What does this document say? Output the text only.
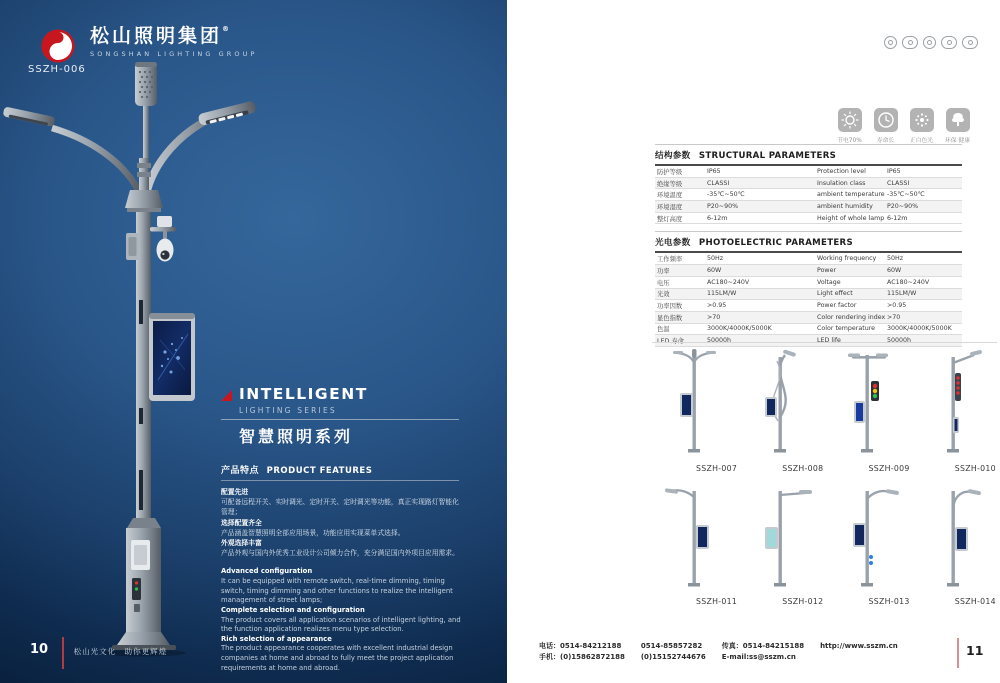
松山照明集团®
SONGSHAN LIGHTING GROUP
SSZH-006
INTELLIGENT
LIGHTING SERIES
智慧照明系列
产品特点 PRODUCT FEATURES

配置先进

可配备远程开关、实时调光、定时开关、定时调光等功能，真正实现路灯智能化管理；

选择配置齐全

产品涵盖智慧照明全部应用场景，功能应用实现菜单式选择。

外观选择丰富

产品外观与国内外优秀工业设计公司倾力合作，充分满足国内外项目应用需求。

Advanced configuration

It can be equipped with remote switch, real-time dimming, timing switch, timing dimming and other functions to realize the intelligent management of street lamps;

Complete selection and configuration

The product covers all application scenarios of intelligent lighting, and the function application realizes menu type selection.

Rich selection of appearance

The product appearance cooperates with excellent industrial design companies at home and abroad to fully meet the project application requirements at home and abroad.

10	松山光文化　助你更辉煌
节电70%	寿命长	正白色光 环保 健康
结构参数 STRUCTURAL PARAMETERS
防护等级	IP65	Protection level	IP65
绝缘等级	CLASSI	Insulation class	CLASSI
环境温度	-35℃~50℃	ambient temperature -35℃~50℃
环境湿度	P20~90%	ambient humidity	P20~90%
整灯高度	6-12m	Height of whole lamp 6-12m
光电参数 PHOTOELECTRIC PARAMETERS
工作频率	50Hz	Working frequency	50Hz
功率	60W	Power	60W
电压	AC180~240V	Voltage	AC180~240V
光效	115LM/W	Light effect	115LM/W
功率因数	>0.95	Power factor	>0.95
显色指数	>70	Color rendering index >70
色温	3000K/4000K/5000K	Color temperature	3000K/4000K/5000K
LED 寿命	50000h	LED life	50000h
SSZH-007	SSZH-008	SSZH-009	SSZH-010
SSZH-011	SSZH-012	SSZH-013	SSZH-014

电话：0514-84212188

手机：(0)15862872188

0514-85857282

(0)15152744676

传真：0514-84215188

E-mail:ss@sszm.cn

http://www.sszm.cn	11
